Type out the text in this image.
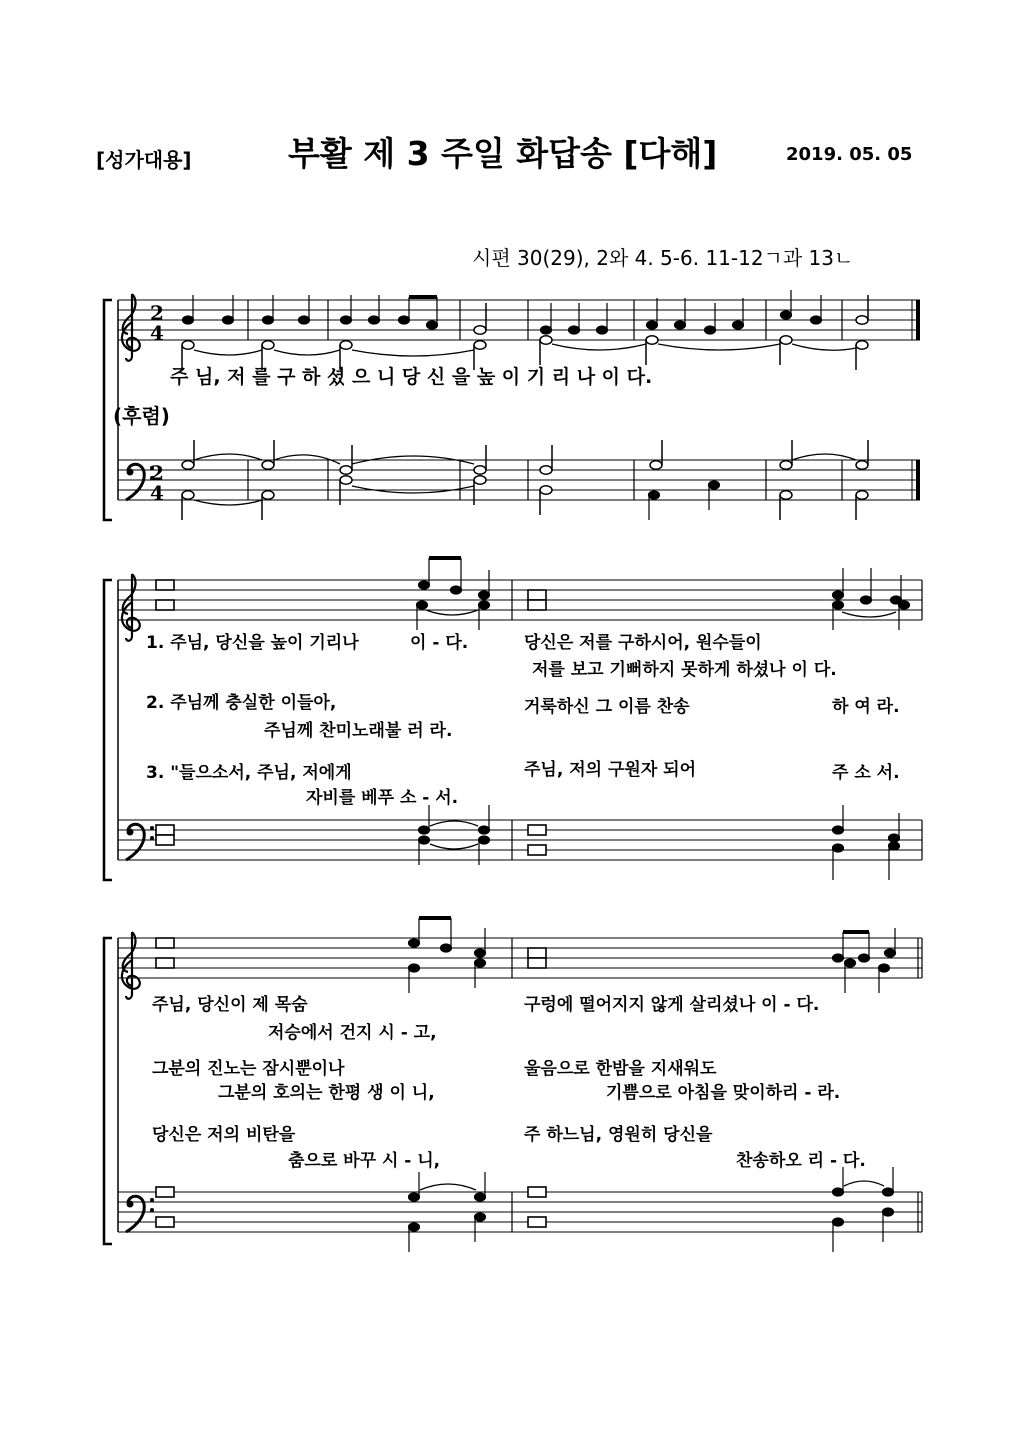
[성가대용]	부활 제 3 주일 화답송 [다해]	2019. 05. 05
시편 30(29), 2와 4. 5-6. 11-12ㄱ과 13ㄴ
2
4
2
4
주 님, 저 를 구 하 셨 으 니 당 신 을 높 이 기 리 나 이 다.
(후렴)
1. 주님, 당신을 높이 기리나	이 - 다.	당신은 저를 구하시어, 원수들이
저를 보고 기뻐하지 못하게 하셨나 이 다.
2. 주님께 충실한 이들아,	거룩하신 그 이름 찬송	하 여 라.
주님께 찬미노래불 러 라.
3. "들으소서, 주님, 저에게	주님, 저의 구원자 되어	주 소 서.
자비를 베푸 소 - 서.
주님, 당신이 제 목숨	구렁에 떨어지지 않게 살리셨나 이 - 다.
저승에서 건지 시 - 고,
그분의 진노는 잠시뿐이나	울음으로 한밤을 지새워도
그분의 호의는 한평 생 이 니,	기쁨으로 아침을 맞이하리 - 라.
당신은 저의 비탄을	주 하느님, 영원히 당신을
춤으로 바꾸 시 - 니,	찬송하오 리 - 다.
